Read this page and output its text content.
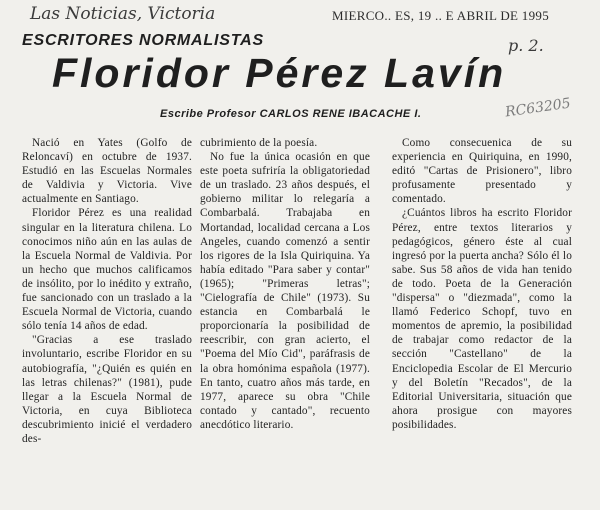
Las Noticias, Victoria
p. 2.
RC63205
MIERCO.. ES, 19 .. E ABRIL DE 1995
ESCRITORES NORMALISTAS
Floridor Pérez Lavín
Escribe Profesor CARLOS RENE IBACACHE I.

Nació en Yates (Golfo de Reloncaví) en octubre de 1937. Estudió en las Escuelas Normales de Valdivia y Victoria. Vive actualmente en Santiago.

Floridor Pérez es una realidad singular en la literatura chilena. Lo conocimos niño aún en las aulas de la Escuela Normal de Valdivia. Por un hecho que muchos calificamos de insólito, por lo inédito y extraño, fue sancionado con un traslado a la Escuela Normal de Victoria, cuando sólo tenía 14 años de edad.

"Gracias a ese traslado involuntario, escribe Floridor en su autobiografía, "¿Quién es quién en las letras chilenas?" (1981), pude llegar a la Escuela Normal de Victoria, en cuya Biblioteca descubrimiento inicié el verdadero des-

cubrimiento de la poesía.

No fue la única ocasión en que este poeta sufriría la obligatoriedad de un traslado. 23 años después, el gobierno militar lo relegaría a Combarbalá. Trabajaba en Mortandad, localidad cercana a Los Angeles, cuando comenzó a sentir los rigores de la Isla Quiriquina. Ya había editado "Para saber y contar" (1965); "Primeras letras"; "Cielografía de Chile" (1973). Su estancia en Combarbalá le proporcionaría la posibilidad de reescribir, con gran acierto, el "Poema del Mío Cid", paráfrasis de la obra homónima española (1977). En tanto, cuatro años más tarde, en 1977, aparece su obra "Chile contado y cantado", recuento anecdótico literario.

Como consecuenica de su experiencia en Quiriquina, en 1990, editó "Cartas de Prisionero", libro profusamente presentado y comentado.

¿Cuántos libros ha escrito Floridor Pérez, entre textos literarios y pedagógicos, género éste al cual ingresó por la puerta ancha? Sólo él lo sabe. Sus 58 años de vida han tenido de todo. Poeta de la Generación "dispersa" o "diezmada", como la llamó Federico Schopf, tuvo en momentos de apremio, la posibilidad de trabajar como redactor de la sección "Castellano" de la Enciclopedia Escolar de El Mercurio y del Boletín "Recados", de la Editorial Universitaria, situación que ahora prosigue con mayores posibilidades.
